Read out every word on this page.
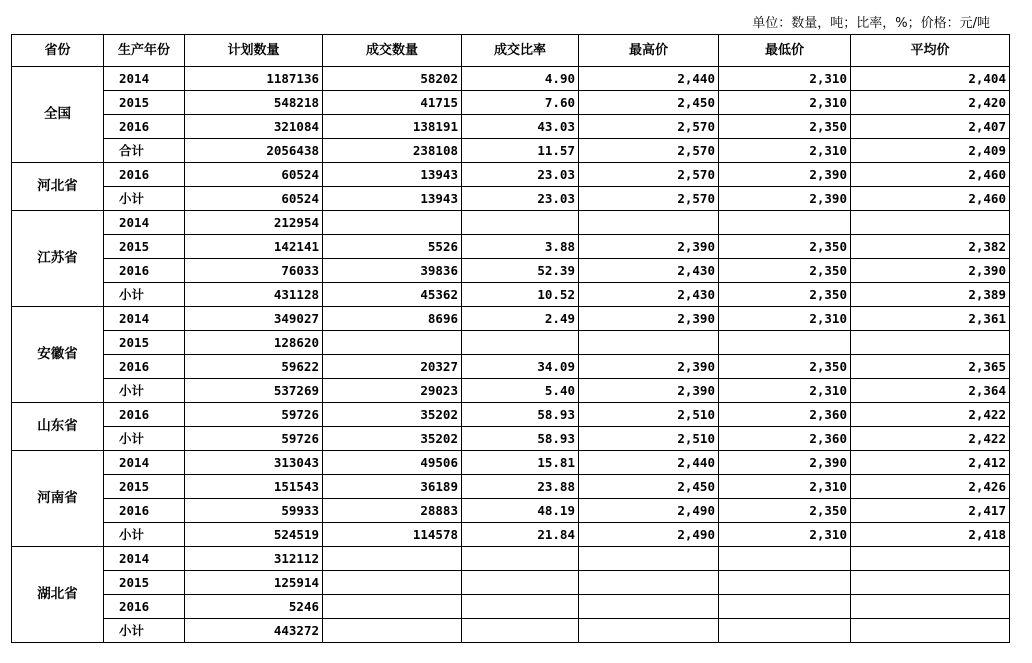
单位：数量，吨；比率，%；价格：元/吨
省份	生产年份	计划数量	成交数量	成交比率	最高价	最低价	平均价
全国	2014	1187136	58202	4.90	2,440	2,310	2,404
	2015	548218	41715	7.60	2,450	2,310	2,420
	2016	321084	138191	43.03	2,570	2,350	2,407
	合计	2056438	238108	11.57	2,570	2,310	2,409
河北省	2016	60524	13943	23.03	2,570	2,390	2,460
	小计	60524	13943	23.03	2,570	2,390	2,460
江苏省	2014	212954					
	2015	142141	5526	3.88	2,390	2,350	2,382
	2016	76033	39836	52.39	2,430	2,350	2,390
	小计	431128	45362	10.52	2,430	2,350	2,389
安徽省	2014	349027	8696	2.49	2,390	2,310	2,361
	2015	128620					
	2016	59622	20327	34.09	2,390	2,350	2,365
	小计	537269	29023	5.40	2,390	2,310	2,364
山东省	2016	59726	35202	58.93	2,510	2,360	2,422
	小计	59726	35202	58.93	2,510	2,360	2,422
河南省	2014	313043	49506	15.81	2,440	2,390	2,412
	2015	151543	36189	23.88	2,450	2,310	2,426
	2016	59933	28883	48.19	2,490	2,350	2,417
	小计	524519	114578	21.84	2,490	2,310	2,418
湖北省	2014	312112					
	2015	125914					
	2016	5246					
	小计	443272					
